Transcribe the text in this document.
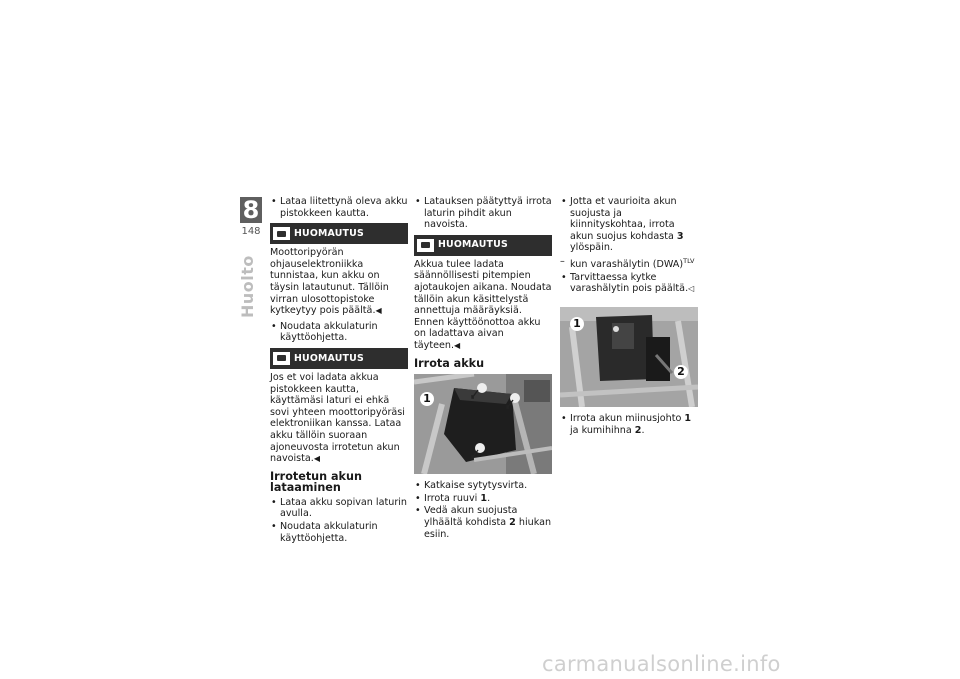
8
148
Huolto
• Lataa liitettynä oleva akku pistokkeen kautta.
HUOMAUTUS
Moottoripyörän ohjauselektroniikka tunnistaa, kun akku on täysin latautunut. Tällöin virran ulosottopistoke kytkeytyy pois päältä.◀
• Noudata akkulaturin käyttöohjetta.
HUOMAUTUS
Jos et voi ladata akkua pistokkeen kautta, käyttämäsi laturi ei ehkä sovi yhteen moottoripyöräsi elektroniikan kanssa. Lataa akku tällöin suoraan ajoneuvosta irrotetun akun navoista.◀
Irrotetun akun lataaminen
• Lataa akku sopivan laturin avulla.
• Noudata akkulaturin käyttöohjetta.
• Latauksen päätyttyä irrota laturin pihdit akun navoista.
HUOMAUTUS
Akkua tulee ladata säännöllisesti pitempien ajotaukojen aikana. Noudata tällöin akun käsittelystä annettuja määräyksiä. Ennen käyttöönottoa akku on ladattava aivan täyteen.◀
Irrota akku
1
• Katkaise sytytysvirta.
• Irrota ruuvi 1.
• Vedä akun suojusta ylhäältä kohdista 2 hiukan esiin.
• Jotta et vaurioita akun suojusta ja kiinnityskohtaa, irrota akun suojus kohdasta 3 ylöspäin.
– kun varashälytin (DWA)$^{TLV}$
• Tarvittaessa kytke varashälytin pois päältä.◁
1
2
• Irrota akun miinusjohto 1 ja kumihihna 2.
carmanualsonline.info
